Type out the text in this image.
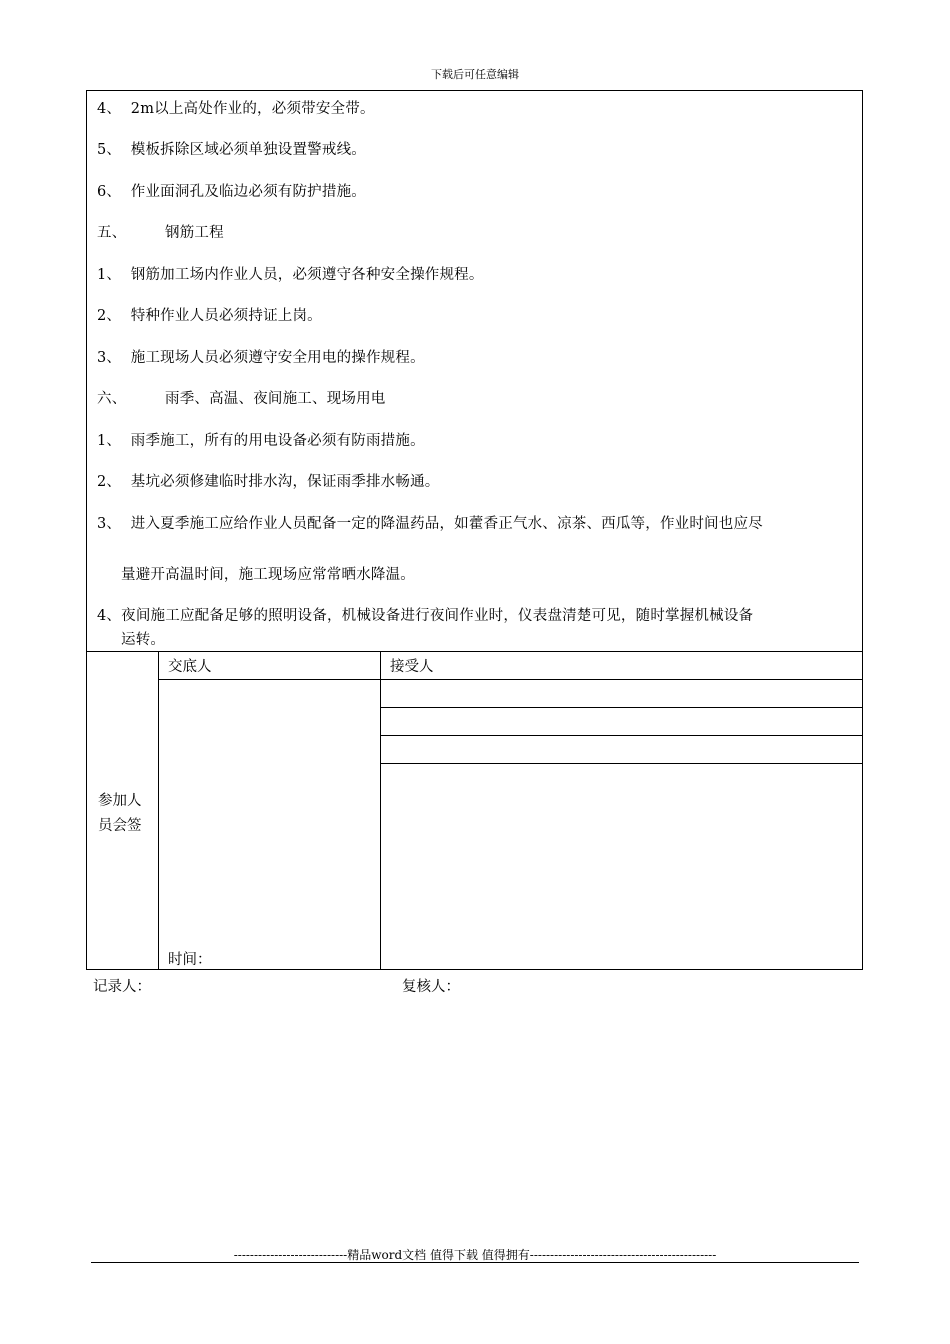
下载后可任意编辑
4、 2m以上高处作业的，必须带安全带。
5、 模板拆除区域必须单独设置警戒线。
6、 作业面洞孔及临边必须有防护措施。
五、	钢筋工程
1、 钢筋加工场内作业人员，必须遵守各种安全操作规程。
2、 特种作业人员必须持证上岗。
3、 施工现场人员必须遵守安全用电的操作规程。
六、	雨季、高温、夜间施工、现场用电
1、 雨季施工，所有的用电设备必须有防雨措施。
2、 基坑必须修建临时排水沟，保证雨季排水畅通。
3、 进入夏季施工应给作业人员配备一定的降温药品，如藿香正气水、凉茶、西瓜等，作业时间也应尽
量避开高温时间，施工现场应常常晒水降温。
4、夜间施工应配备足够的照明设备，机械设备进行夜间作业时，仪表盘清楚可见，随时掌握机械设备
运转。
参加人
员会签
交底人	接受人
时间：
记录人：	复核人：
----------------------------精品word文档 值得下载 值得拥有----------------------------------------------
